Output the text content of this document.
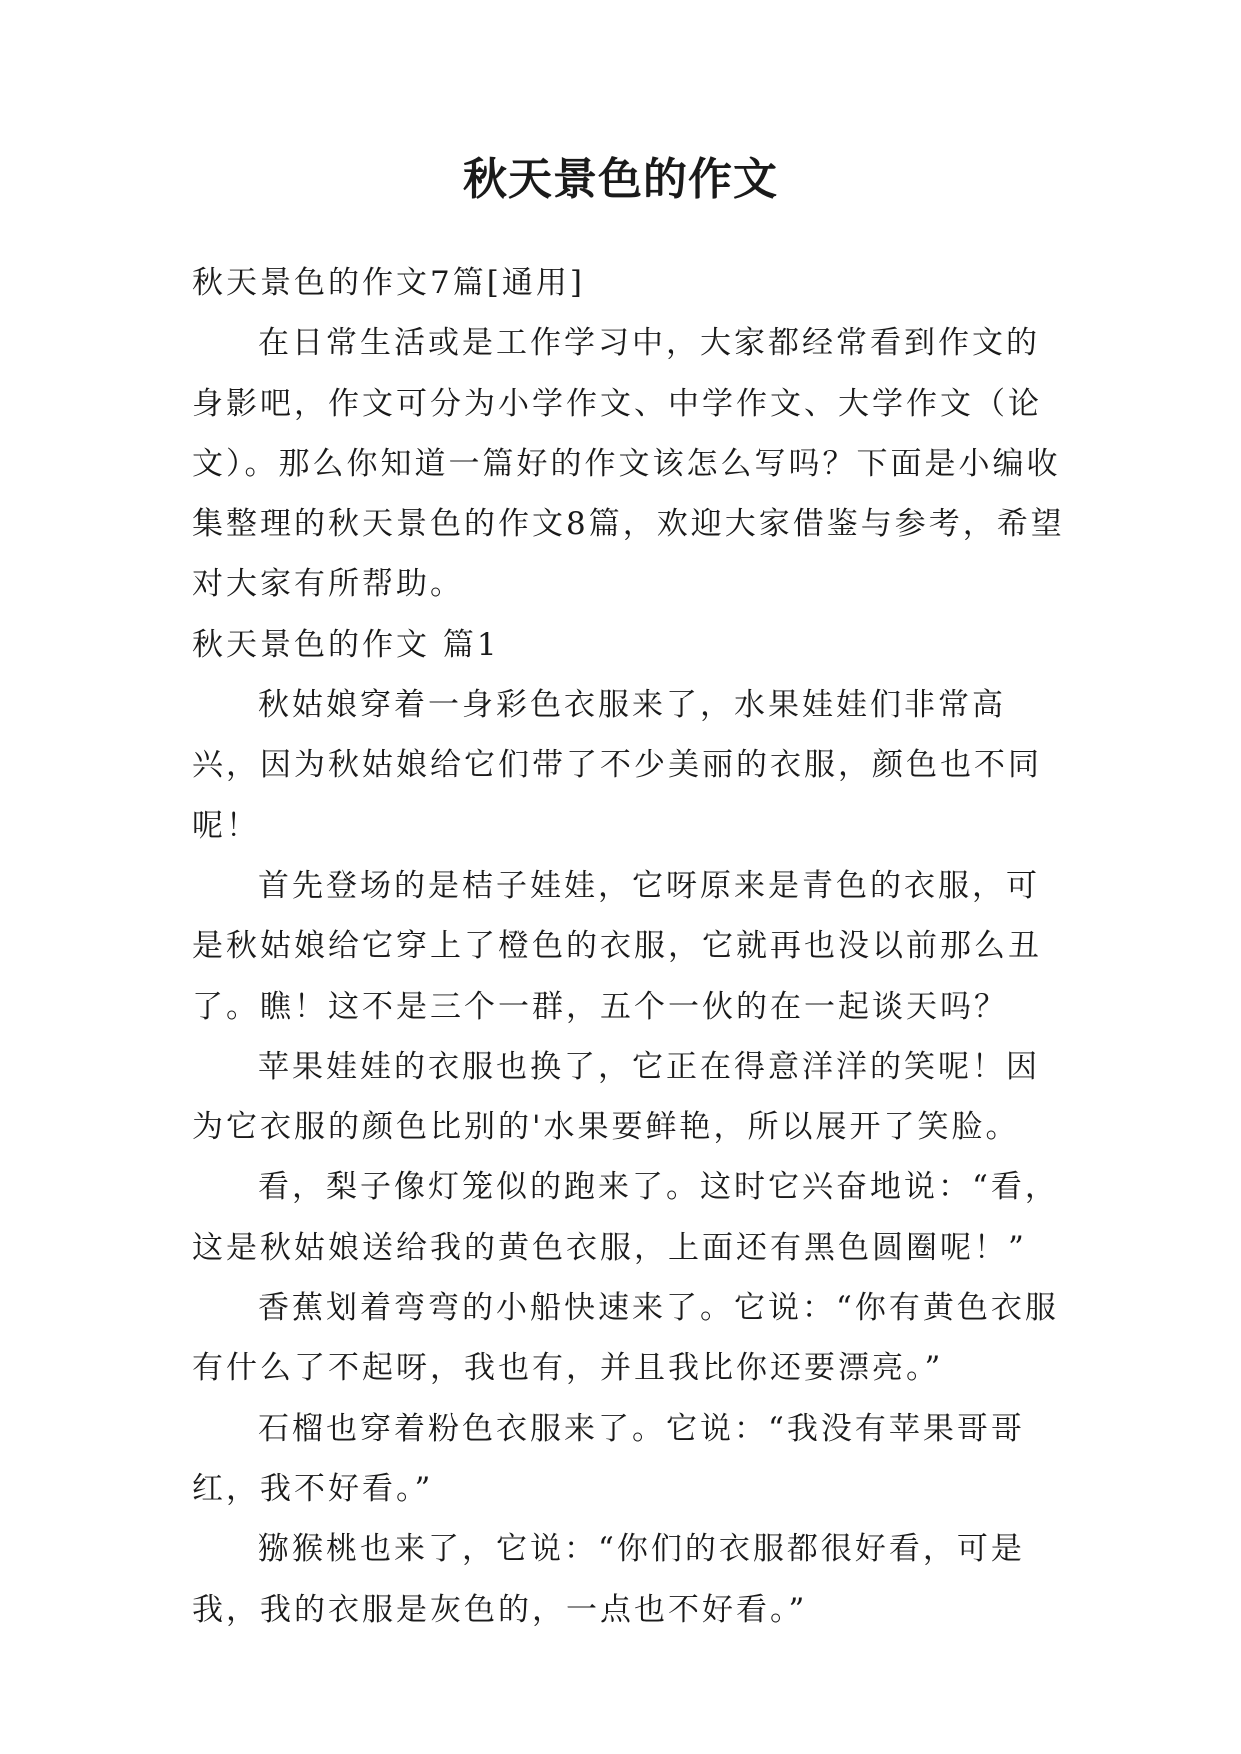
秋天景色的作文

秋天景色的作文7篇[通用]

在日常生活或是工作学习中，大家都经常看到作文的身影吧，作文可分为小学作文、中学作文、大学作文（论文）。那么你知道一篇好的作文该怎么写吗？下面是小编收集整理的秋天景色的作文8篇，欢迎大家借鉴与参考，希望对大家有所帮助。

秋天景色的作文 篇1

秋姑娘穿着一身彩色衣服来了，水果娃娃们非常高兴，因为秋姑娘给它们带了不少美丽的衣服，颜色也不同呢！

首先登场的是桔子娃娃，它呀原来是青色的衣服，可是秋姑娘给它穿上了橙色的衣服，它就再也没以前那么丑了。瞧！这不是三个一群，五个一伙的在一起谈天吗？

苹果娃娃的衣服也换了，它正在得意洋洋的笑呢！因为它衣服的颜色比别的'水果要鲜艳，所以展开了笑脸。

看，梨子像灯笼似的跑来了。这时它兴奋地说：“看，这是秋姑娘送给我的黄色衣服，上面还有黑色圆圈呢！”

香蕉划着弯弯的小船快速来了。它说：“你有黄色衣服有什么了不起呀，我也有，并且我比你还要漂亮。”

石榴也穿着粉色衣服来了。它说：“我没有苹果哥哥红，我不好看。”

猕猴桃也来了，它说：“你们的衣服都很好看，可是我，我的衣服是灰色的，一点也不好看。”
